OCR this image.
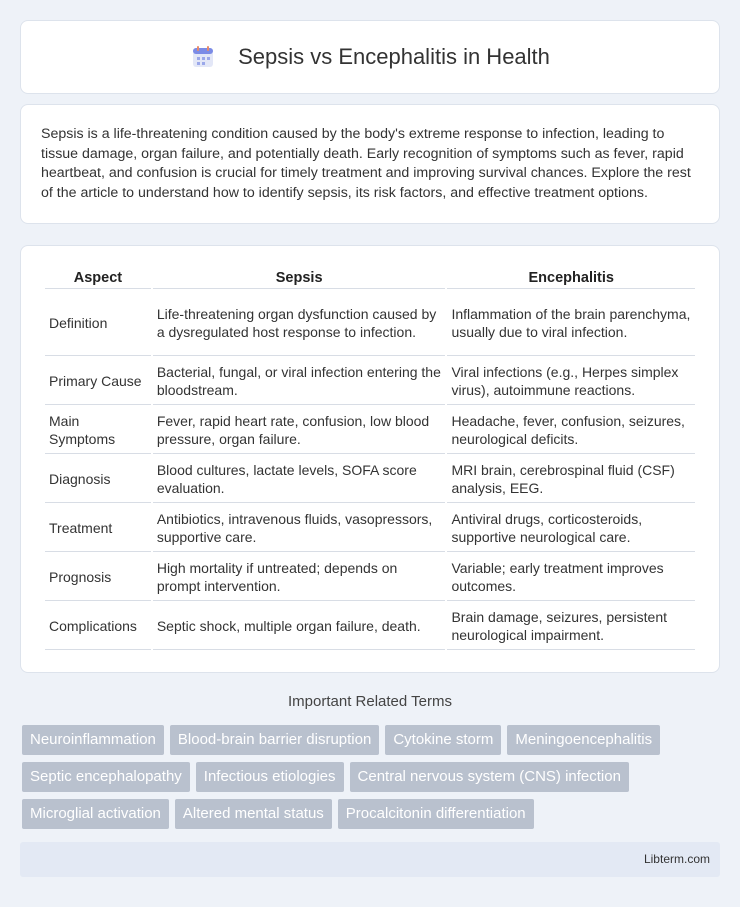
Sepsis vs Encephalitis in Health

Sepsis is a life-threatening condition caused by the body's extreme response to infection, leading to tissue damage, organ failure, and potentially death. Early recognition of symptoms such as fever, rapid heartbeat, and confusion is crucial for timely treatment and improving survival chances. Explore the rest of the article to understand how to identify sepsis, its risk factors, and effective treatment options.

Aspect	Sepsis	Encephalitis
Definition	Life-threatening organ dysfunction caused by a dysregulated host response to infection.	Inflammation of the brain parenchyma, usually due to viral infection.
Primary Cause	Bacterial, fungal, or viral infection entering the bloodstream.	Viral infections (e.g., Herpes simplex virus), autoimmune reactions.
Main Symptoms	Fever, rapid heart rate, confusion, low blood pressure, organ failure.	Headache, fever, confusion, seizures, neurological deficits.
Diagnosis	Blood cultures, lactate levels, SOFA score evaluation.	MRI brain, cerebrospinal fluid (CSF) analysis, EEG.
Treatment	Antibiotics, intravenous fluids, vasopressors, supportive care.	Antiviral drugs, corticosteroids, supportive neurological care.
Prognosis	High mortality if untreated; depends on prompt intervention.	Variable; early treatment improves outcomes.
Complications	Septic shock, multiple organ failure, death.	Brain damage, seizures, persistent neurological impairment.
Important Related Terms
Neuroinflammation	Blood-brain barrier disruption	Cytokine storm	Meningoencephalitis
Septic encephalopathy	Infectious etiologies	Central nervous system (CNS) infection
Microglial activation	Altered mental status	Procalcitonin differentiation
Libterm.com
